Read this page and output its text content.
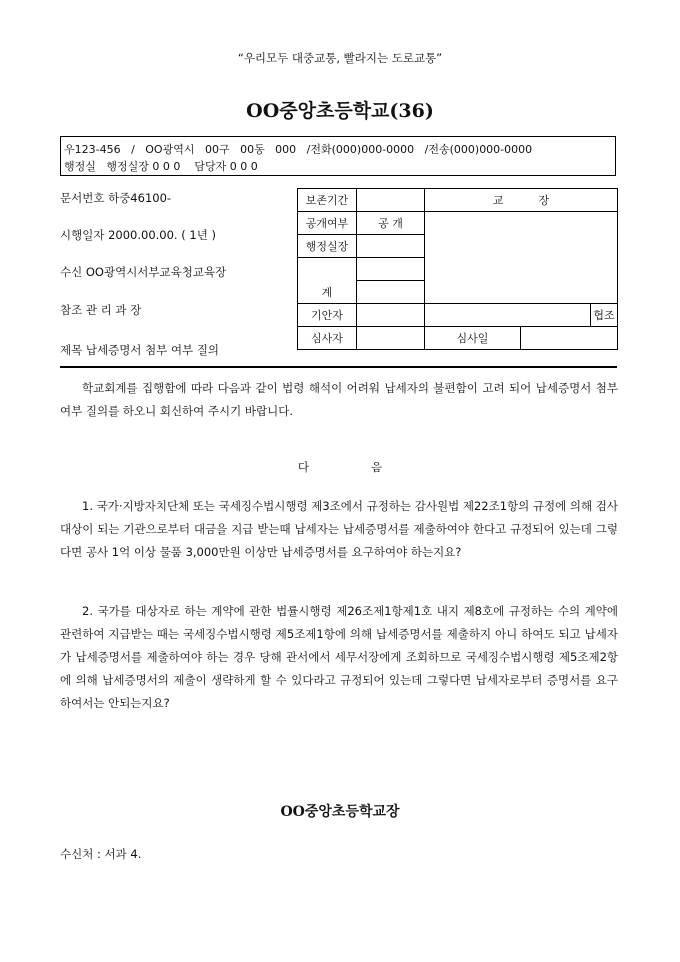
“우리모두 대중교통, 빨라지는 도로교통”
OO중앙초등학교(36)
우123-456   /   OO광역시   00구   00동   000   /전화(000)000-0000   /전송(000)000-0000
행정실   행정실장 0 0 0    담당자 0 0 0
문서번호 하중46100-
시행일자 2000.00.00. ( 1년 )
수신 OO광역시서부교육청교육장
참조 관 리 과 장
제목 납세증명서 첨부 여부 질의
보존기간		교          장		
공개여부	공 개			
행정실장				

계				
기안자				협조
심사자		심사일		
학교회계를 집행함에 따라 다음과 같이 법령 해석이 어려워 납세자의 불편함이 고려 되어 납세증명서 첨부 여부 질의를 하오니 회신하여 주시기 바랍니다.
다	음
1. 국가·지방자치단체 또는 국세징수법시행령 제3조에서 규정하는 감사원법 제22조1항의 규정에 의해 검사대상이 되는 기관으로부터 대금을 지급 받는때 납세자는 납세증명서를 제출하여야 한다고 규정되어 있는데 그렇다면 공사 1억 이상 물품 3,000만원 이상만 납세증명서를 요구하여야 하는지요?
2. 국가를 대상자로 하는 계약에 관한 법률시행령 제26조제1항제1호 내지 제8호에 규정하는 수의 계약에 관련하여 지급받는 때는 국세징수법시행령 제5조제1항에 의해 납세증명서를 제출하지 아니 하여도 되고 납세자가 납세증명서를 제출하여야 하는 경우 당해 관서에서 세무서장에게 조회하므로 국세징수법시행령 제5조제2항에 의해 납세증명서의 제출이 생략하게 할 수 있다라고 규정되어 있는데 그렇다면 납세자로부터 증명서를 요구하여서는 안되는지요?
OO중앙초등학교장
수신처 : 서과 4.
